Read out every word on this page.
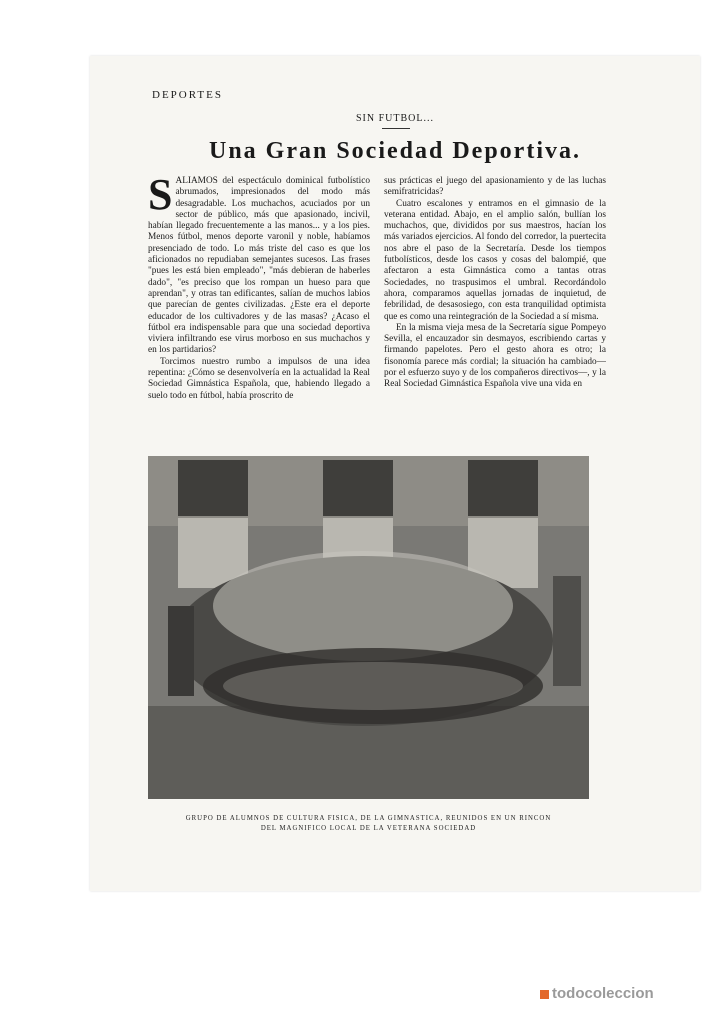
DEPORTES
SIN FUTBOL...
Una Gran Sociedad Deportiva.
S ALIAMOS del espectáculo dominical futbolístico abrumados, impresionados del modo más desagradable. Los muchachos, acuciados por un sector de público, más que apasionado, incivil, habían llegado frecuentemente a las manos... y a los pies. Menos fútbol, menos deporte varonil y noble, habíamos presenciado de todo. Lo más triste del caso es que los aficionados no repudiaban semejantes sucesos. Las frases "pues les está bien empleado", "más debieran de haberles dado", "es preciso que los rompan un hueso para que aprendan", y otras tan edificantes, salían de muchos labios que parecían de gentes civilizadas. ¿Este era el deporte educador de los cultivadores y de las masas? ¿Acaso el fútbol era indispensable para que una sociedad deportiva viviera infiltrando ese virus morboso en sus muchachos y en los partidarios?

Torcimos nuestro rumbo a impulsos de una idea repentina: ¿Cómo se desenvolvería en la actualidad la Real Sociedad Gimnástica Española, que, habiendo llegado a suelo todo en fútbol, había proscrito de

sus prácticas el juego del apasionamiento y de las luchas semifratricidas?

Cuatro escalones y entramos en el gimnasio de la veterana entidad. Abajo, en el amplio salón, bullían los muchachos, que, divididos por sus maestros, hacían los más variados ejercicios. Al fondo del corredor, la puertecita nos abre el paso de la Secretaría. Desde los tiempos futbolísticos, desde los casos y cosas del balompié, que afectaron a esta Gimnástica como a tantas otras Sociedades, no traspusimos el umbral. Recordándolo ahora, comparamos aquellas jornadas de inquietud, de febrilidad, de desasosiego, con esta tranquilidad optimista que es como una reintegración de la Sociedad a sí misma.

En la misma vieja mesa de la Secretaría sigue Pompeyo Sevilla, el encauzador sin desmayos, escribiendo cartas y firmando papelotes. Pero el gesto ahora es otro; la fisonomía parece más cordial; la situación ha cambiado—por el esfuerzo suyo y de los compañeros directivos—, y la Real Sociedad Gimnástica Española vive una vida en

GRUPO DE ALUMNOS DE CULTURA FISICA, DE LA GIMNASTICA, REUNIDOS EN UN RINCON
DEL MAGNIFICO LOCAL DE LA VETERANA SOCIEDAD
todocoleccion
